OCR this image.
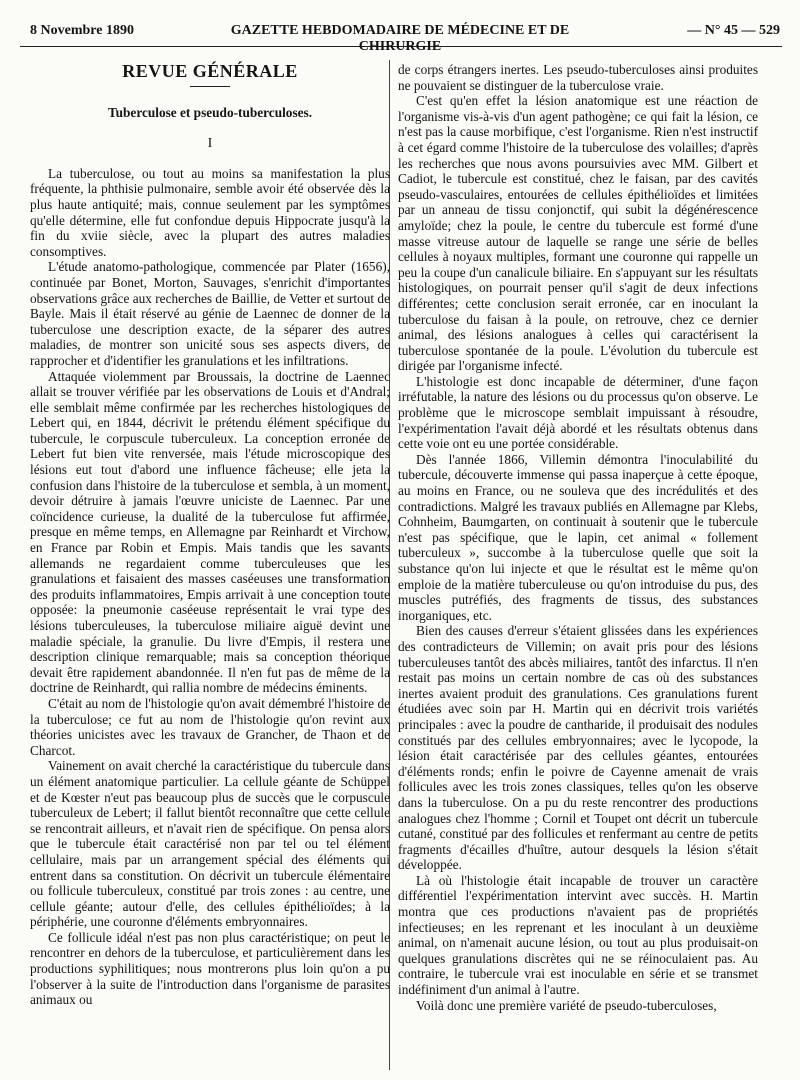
8 Novembre 1890	GAZETTE HEBDOMADAIRE DE MÉDECINE ET DE CHIRURGIE
— N° 45 — 529
REVUE GÉNÉRALE
Tuberculose et pseudo-tuberculoses.
I

La tuberculose, ou tout au moins sa manifestation la plus fréquente, la phthisie pulmonaire, semble avoir été observée dès la plus haute antiquité; mais, connue seulement par les symptômes qu'elle détermine, elle fut confondue depuis Hippocrate jusqu'à la fin du xviie siècle, avec la plupart des autres maladies consomptives.

L'étude anatomo-pathologique, commencée par Plater (1656), continuée par Bonet, Morton, Sauvages, s'enrichit d'importantes observations grâce aux recherches de Baillie, de Vetter et surtout de Bayle. Mais il était réservé au génie de Laennec de donner de la tuberculose une description exacte, de la séparer des autres maladies, de montrer son unicité sous ses aspects divers, de rapprocher et d'identifier les granulations et les infiltrations.

Attaquée violemment par Broussais, la doctrine de Laennec allait se trouver vérifiée par les observations de Louis et d'Andral; elle semblait même confirmée par les recherches histologiques de Lebert qui, en 1844, décrivit le prétendu élément spécifique du tubercule, le corpuscule tuberculeux. La conception erronée de Lebert fut bien vite renversée, mais l'étude microscopique des lésions eut tout d'abord une influence fâcheuse; elle jeta la confusion dans l'histoire de la tuberculose et sembla, à un moment, devoir détruire à jamais l'œuvre uniciste de Laennec. Par une coïncidence curieuse, la dualité de la tuberculose fut affirmée, presque en même temps, en Allemagne par Reinhardt et Virchow, en France par Robin et Empis. Mais tandis que les savants allemands ne regardaient comme tuberculeuses que les granulations et faisaient des masses caséeuses une transformation des produits inflammatoires, Empis arrivait à une conception toute opposée: la pneumonie caséeuse représentait le vrai type des lésions tuberculeuses, la tuberculose miliaire aiguë devint une maladie spéciale, la granulie. Du livre d'Empis, il restera une description clinique remarquable; mais sa conception théorique devait être rapidement abandonnée. Il n'en fut pas de même de la doctrine de Reinhardt, qui rallia nombre de médecins éminents.

C'était au nom de l'histologie qu'on avait démembré l'histoire de la tuberculose; ce fut au nom de l'histologie qu'on revint aux théories unicistes avec les travaux de Grancher, de Thaon et de Charcot.

Vainement on avait cherché la caractéristique du tubercule dans un élément anatomique particulier. La cellule géante de Schüppel et de Kœster n'eut pas beaucoup plus de succès que le corpuscule tuberculeux de Lebert; il fallut bientôt reconnaître que cette cellule se rencontrait ailleurs, et n'avait rien de spécifique. On pensa alors que le tubercule était caractérisé non par tel ou tel élément cellulaire, mais par un arrangement spécial des éléments qui entrent dans sa constitution. On décrivit un tubercule élémentaire ou follicule tuberculeux, constitué par trois zones : au centre, une cellule géante; autour d'elle, des cellules épithélioïdes; à la périphérie, une couronne d'éléments embryonnaires.

Ce follicule idéal n'est pas non plus caractéristique; on peut le rencontrer en dehors de la tuberculose, et particulièrement dans les productions syphilitiques; nous montrerons plus loin qu'on a pu l'observer à la suite de l'introduction dans l'organisme de parasites animaux ou

de corps étrangers inertes. Les pseudo-tuberculoses ainsi produites ne pouvaient se distinguer de la tuberculose vraie.

C'est qu'en effet la lésion anatomique est une réaction de l'organisme vis-à-vis d'un agent pathogène; ce qui fait la lésion, ce n'est pas la cause morbifique, c'est l'organisme. Rien n'est instructif à cet égard comme l'histoire de la tuberculose des volailles; d'après les recherches que nous avons poursuivies avec MM. Gilbert et Cadiot, le tubercule est constitué, chez le faisan, par des cavités pseudo-vasculaires, entourées de cellules épithélioïdes et limitées par un anneau de tissu conjonctif, qui subit la dégénérescence amyloïde; chez la poule, le centre du tubercule est formé d'une masse vitreuse autour de laquelle se range une série de belles cellules à noyaux multiples, formant une couronne qui rappelle un peu la coupe d'un canalicule biliaire. En s'appuyant sur les résultats histologiques, on pourrait penser qu'il s'agit de deux infections différentes; cette conclusion serait erronée, car en inoculant la tuberculose du faisan à la poule, on retrouve, chez ce dernier animal, des lésions analogues à celles qui caractérisent la tuberculose spontanée de la poule. L'évolution du tubercule est dirigée par l'organisme infecté.

L'histologie est donc incapable de déterminer, d'une façon irréfutable, la nature des lésions ou du processus qu'on observe. Le problème que le microscope semblait impuissant à résoudre, l'expérimentation l'avait déjà abordé et les résultats obtenus dans cette voie ont eu une portée considérable.

Dès l'année 1866, Villemin démontra l'inoculabilité du tubercule, découverte immense qui passa inaperçue à cette époque, au moins en France, ou ne souleva que des incrédulités et des contradictions. Malgré les travaux publiés en Allemagne par Klebs, Cohnheim, Baumgarten, on continuait à soutenir que le tubercule n'est pas spécifique, que le lapin, cet animal « follement tuberculeux », succombe à la tuberculose quelle que soit la substance qu'on lui injecte et que le résultat est le même qu'on emploie de la matière tuberculeuse ou qu'on introduise du pus, des muscles putréfiés, des fragments de tissus, des substances inorganiques, etc.

Bien des causes d'erreur s'étaient glissées dans les expériences des contradicteurs de Villemin; on avait pris pour des lésions tuberculeuses tantôt des abcès miliaires, tantôt des infarctus. Il n'en restait pas moins un certain nombre de cas où des substances inertes avaient produit des granulations. Ces granulations furent étudiées avec soin par H. Martin qui en décrivit trois variétés principales : avec la poudre de cantharide, il produisait des nodules constitués par des cellules embryonnaires; avec le lycopode, la lésion était caractérisée par des cellules géantes, entourées d'éléments ronds; enfin le poivre de Cayenne amenait de vrais follicules avec les trois zones classiques, telles qu'on les observe dans la tuberculose. On a pu du reste rencontrer des productions analogues chez l'homme ; Cornil et Toupet ont décrit un tubercule cutané, constitué par des follicules et renfermant au centre de petits fragments d'écailles d'huître, autour desquels la lésion s'était développée.

Là où l'histologie était incapable de trouver un caractère différentiel l'expérimentation intervint avec succès. H. Martin montra que ces productions n'avaient pas de propriétés infectieuses; en les reprenant et les inoculant à un deuxième animal, on n'amenait aucune lésion, ou tout au plus produisait-on quelques granulations discrètes qui ne se réinoculaient pas. Au contraire, le tubercule vrai est inoculable en série et se transmet indéfiniment d'un animal à l'autre.

Voilà donc une première variété de pseudo-tuberculoses,
